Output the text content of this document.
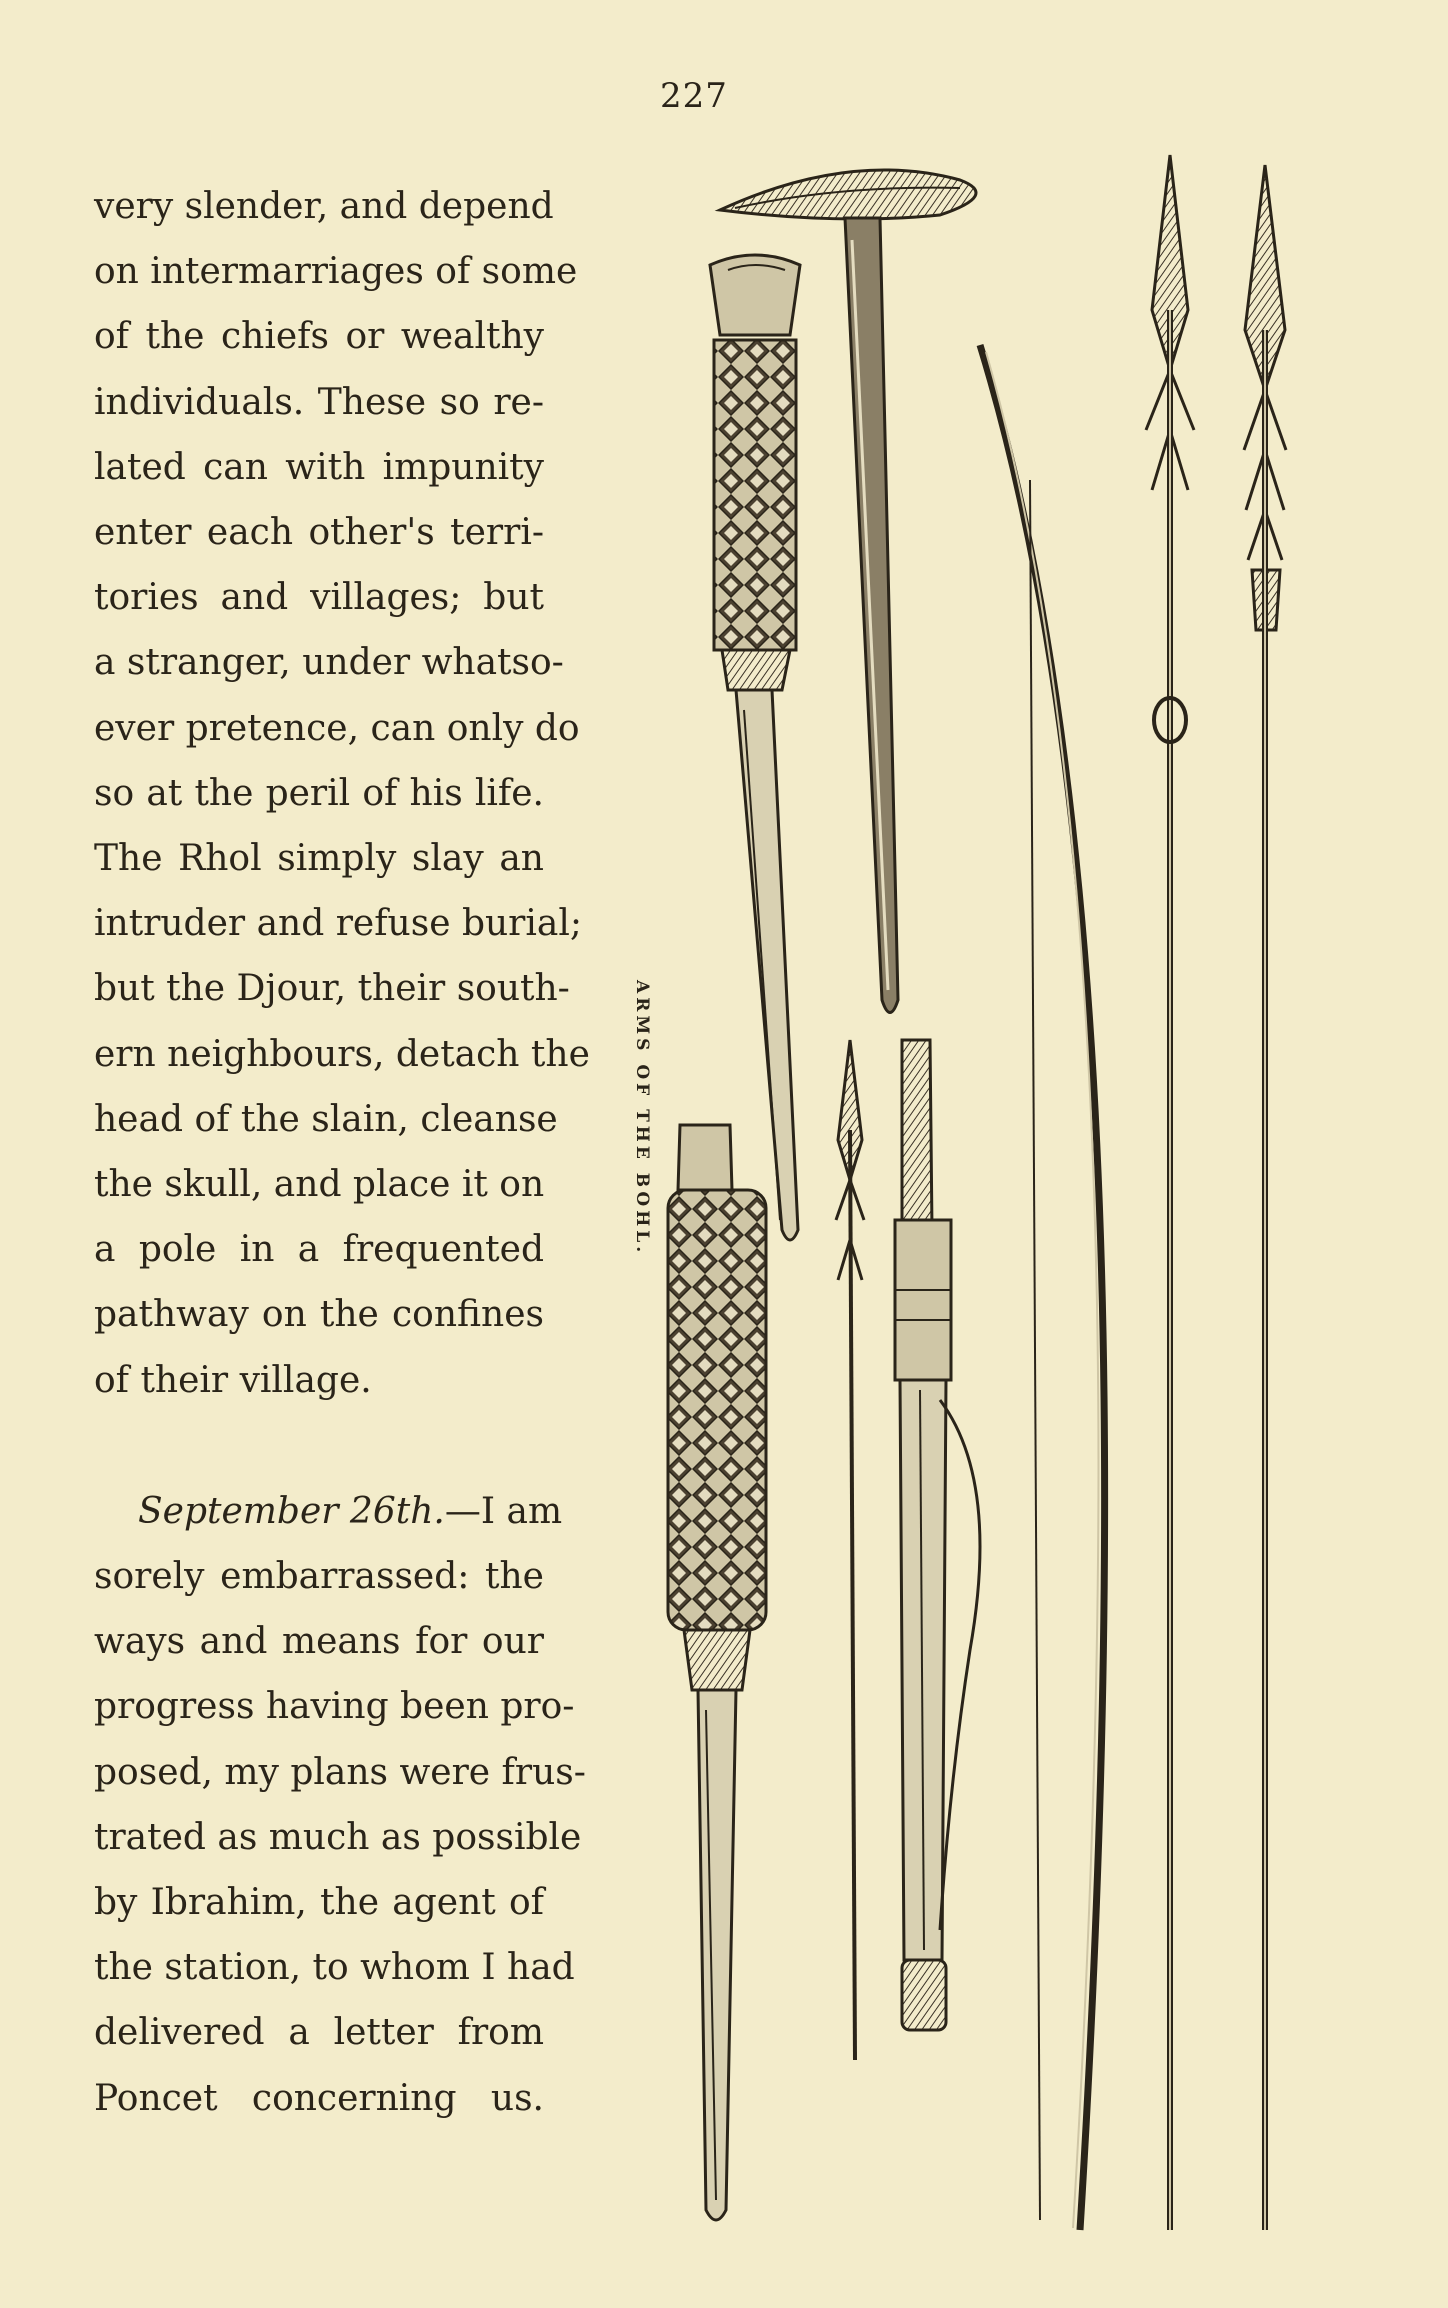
227
very slender, and depend
on intermarriages of some
of the chiefs or wealthy
individuals. These so re-
lated can with impunity
enter each other's terri-
tories and villages; but
a stranger, under whatso-
ever pretence, can only do
so at the peril of his life.
The Rhol simply slay an
intruder and refuse burial;
but the Djour, their south-
ern neighbours, detach the
head of the slain, cleanse
the skull, and place it on
a pole in a frequented
pathway on the confines
of their village.
September 26th.—I am
sorely embarrassed: the
ways and means for our
progress having been pro-
posed, my plans were frus-
trated as much as possible
by Ibrahim, the agent of
the station, to whom I had
delivered a letter from
Poncet concerning us.
ARMS OF THE BOHL.
